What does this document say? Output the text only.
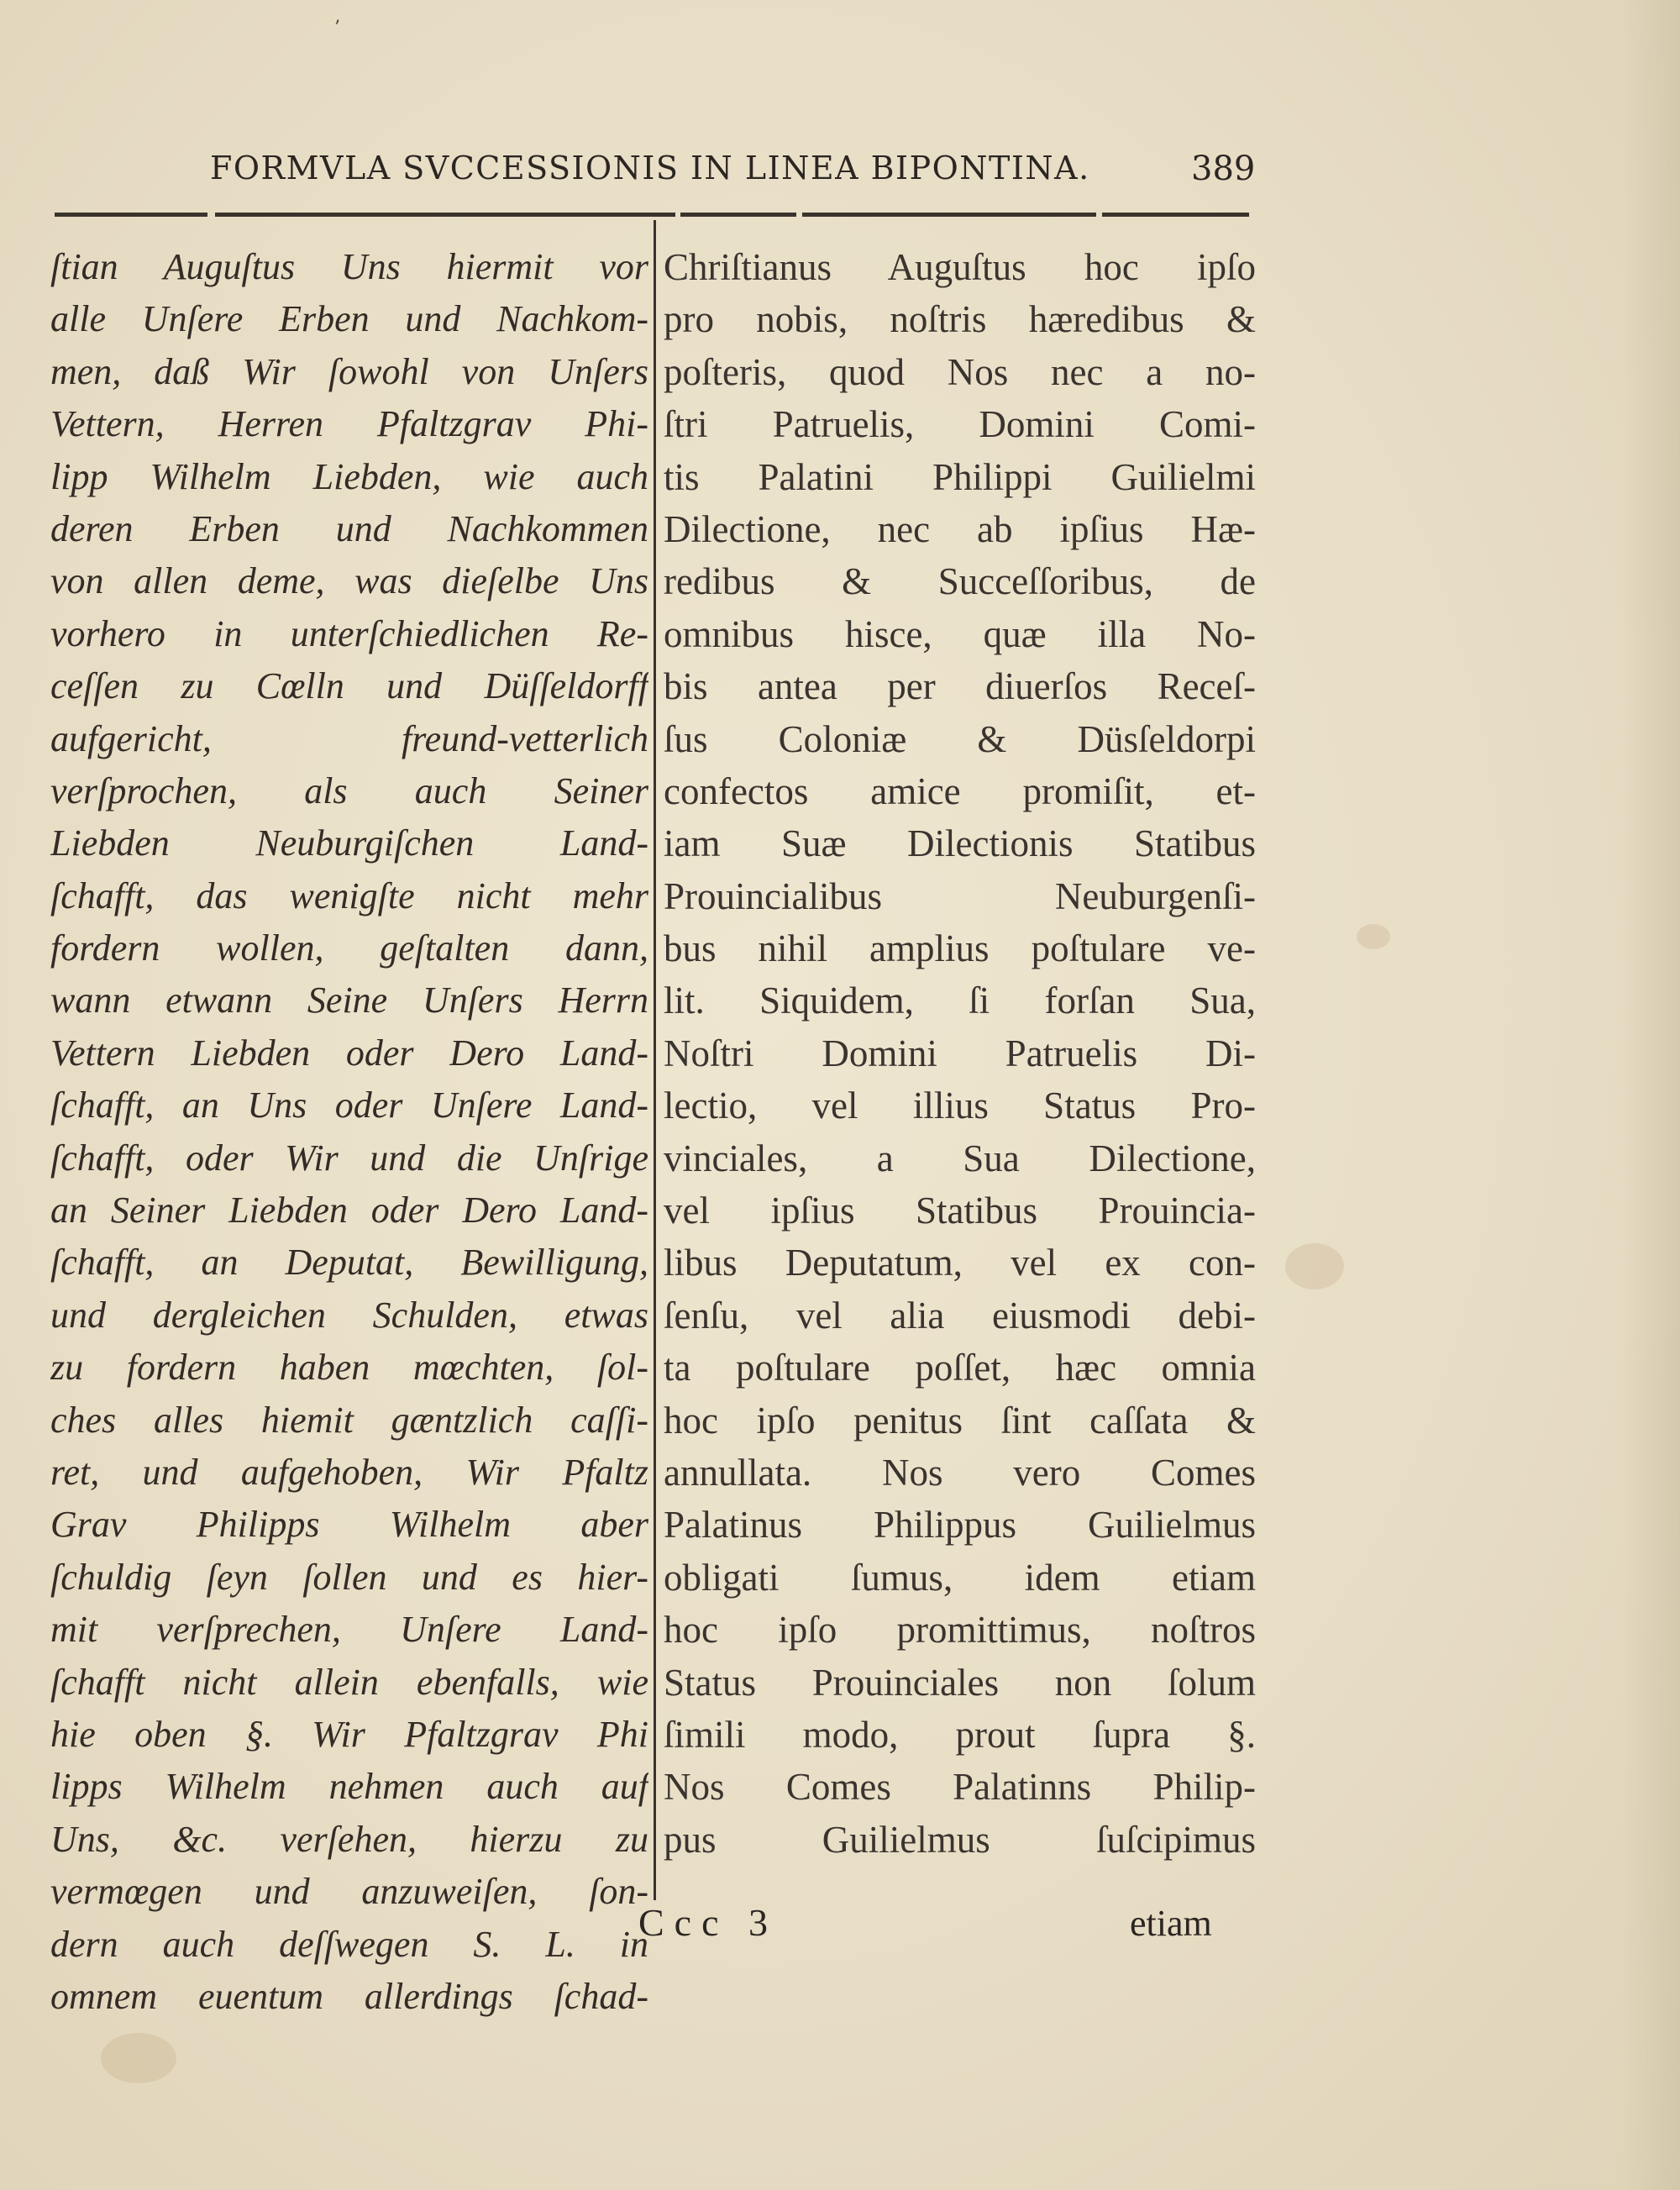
’
FORMVLA SVCCESSIONIS IN LINEA BIPONTINA.	389
ſtian Auguſtus Uns hiermit vor
alle Unſere Erben und Nachkom-
men, daß Wir ſowohl von Unſers
Vettern, Herren Pfaltzgrav Phi-
lipp Wilhelm Liebden, wie auch
deren Erben und Nachkommen
von allen deme, was dieſelbe Uns
vorhero in unterſchiedlichen Re-
ceſſen zu Cœlln und Düſſeldorff
aufgericht, freund-vetterlich
verſprochen, als auch Seiner
Liebden Neuburgiſchen Land-
ſchafft, das wenigſte nicht mehr
fordern wollen, geſtalten dann,
wann etwann Seine Unſers Herrn
Vettern Liebden oder Dero Land-
ſchafft, an Uns oder Unſere Land-
ſchafft, oder Wir und die Unſrige
an Seiner Liebden oder Dero Land-
ſchafft, an Deputat, Bewilligung,
und dergleichen Schulden, etwas
zu fordern haben mœchten, ſol-
ches alles hiemit gæntzlich caſſi-
ret, und aufgehoben, Wir Pfaltz
Grav Philipps Wilhelm aber
ſchuldig ſeyn ſollen und es hier-
mit verſprechen, Unſere Land-
ſchafft nicht allein ebenfalls, wie
hie oben §. Wir Pfaltzgrav Phi
lipps Wilhelm nehmen auch auf
Uns, &c. verſehen, hierzu zu
vermœgen und anzuweiſen, ſon-
dern auch deſſwegen S. L. in
omnem euentum allerdings ſchad-
Chriſtianus Auguſtus hoc ipſo
pro nobis, noſtris hæredibus &
poſteris, quod Nos nec a no-
ſtri Patruelis, Domini Comi-
tis Palatini Philippi Guilielmi
Dilectione, nec ab ipſius Hæ-
redibus & Succeſſoribus, de
omnibus hisce, quæ illa No-
bis antea per diuerſos Receſ-
ſus Coloniæ & Düsſeldorpi
confectos amice promiſit, et-
iam Suæ Dilectionis Statibus
Prouincialibus Neuburgenſi-
bus nihil amplius poſtulare ve-
lit. Siquidem, ſi forſan Sua,
Noſtri Domini Patruelis Di-
lectio, vel illius Status Pro-
vinciales, a Sua Dilectione,
vel ipſius Statibus Prouincia-
libus Deputatum, vel ex con-
ſenſu, vel alia eiusmodi debi-
ta poſtulare poſſet, hæc omnia
hoc ipſo penitus ſint caſſata &
annullata. Nos vero Comes
Palatinus Philippus Guilielmus
obligati ſumus, idem etiam
hoc ipſo promittimus, noſtros
Status Prouinciales non ſolum
ſimili modo, prout ſupra §.
Nos Comes Palatinns Philip-
pus Guilielmus ſuſcipimus
Ccc 3	etiam
